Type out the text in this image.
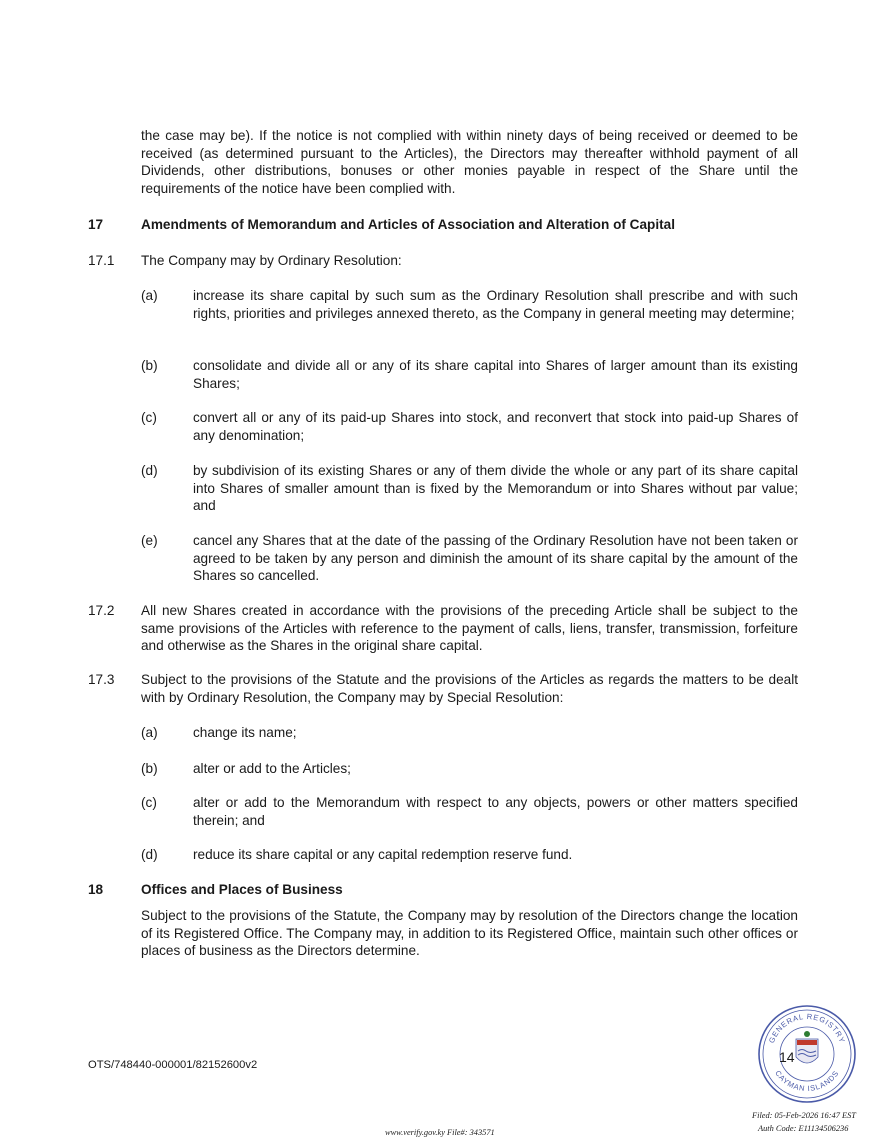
the case may be). If the notice is not complied with within ninety days of being received or deemed to be received (as determined pursuant to the Articles), the Directors may thereafter withhold payment of all Dividends, other distributions, bonuses or other monies payable in respect of the Share until the requirements of the notice have been complied with.
17	Amendments of Memorandum and Articles of Association and Alteration of Capital
17.1 The Company may by Ordinary Resolution:
(a)	increase its share capital by such sum as the Ordinary Resolution shall prescribe and with such rights, priorities and privileges annexed thereto, as the Company in general meeting may determine;
(b)	consolidate and divide all or any of its share capital into Shares of larger amount than its existing Shares;
(c)	convert all or any of its paid-up Shares into stock, and reconvert that stock into paid-up Shares of any denomination;
(d)	by subdivision of its existing Shares or any of them divide the whole or any part of its share capital into Shares of smaller amount than is fixed by the Memorandum or into Shares without par value; and
(e)	cancel any Shares that at the date of the passing of the Ordinary Resolution have not been taken or agreed to be taken by any person and diminish the amount of its share capital by the amount of the Shares so cancelled.
17.2 All new Shares created in accordance with the provisions of the preceding Article shall be subject to the same provisions of the Articles with reference to the payment of calls, liens, transfer, transmission, forfeiture and otherwise as the Shares in the original share capital.
17.3 Subject to the provisions of the Statute and the provisions of the Articles as regards the matters to be dealt with by Ordinary Resolution, the Company may by Special Resolution:
(a)	change its name;
(b)	alter or add to the Articles;
(c)	alter or add to the Memorandum with respect to any objects, powers or other matters specified therein; and
(d)	reduce its share capital or any capital redemption reserve fund.
18	Offices and Places of Business
Subject to the provisions of the Statute, the Company may by resolution of the Directors change the location of its Registered Office. The Company may, in addition to its Registered Office, maintain such other offices or places of business as the Directors determine.
OTS/748440-000001/82152600v2
GENERAL REGISTRY
CAYMAN ISLANDS
14
www.verify.gov.ky File#: 343571
Filed: 05-Feb-2026 16:47 EST
Auth Code: E11134506236
